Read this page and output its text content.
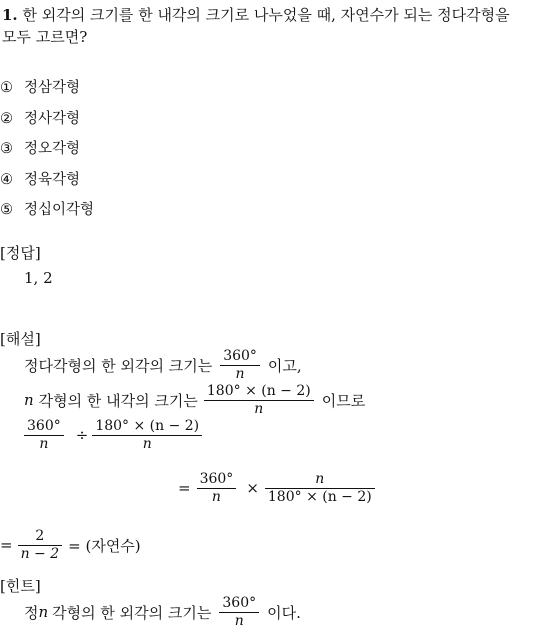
1. 한 외각의 크기를 한 내각의 크기로 나누었을 때, 자연수가 되는 정다각형을
모두 고르면?
① 정삼각형
② 정사각형
③ 정오각형
④ 정육각형
⑤ 정십이각형
[정답]
1, 2
[해설]
정다각형의 한 외각의 크기는 $\frac{360^\circ}{n}$ 이고,
n 각형의 한 내각의 크기는 $\frac{180^\circ \times (n - 2)}{n}$ 이므로
$\frac{360^\circ}{n} \div \frac{180^\circ \times (n - 2)}{n}$
= $\frac{360^\circ}{n} \times \frac{n}{180^\circ \times (n - 2)}$
= $\frac{2}{n - 2}$ = (자연수)
[힌트]
정 n 각형의 한 외각의 크기는 $\frac{360^\circ}{n}$ 이다.
